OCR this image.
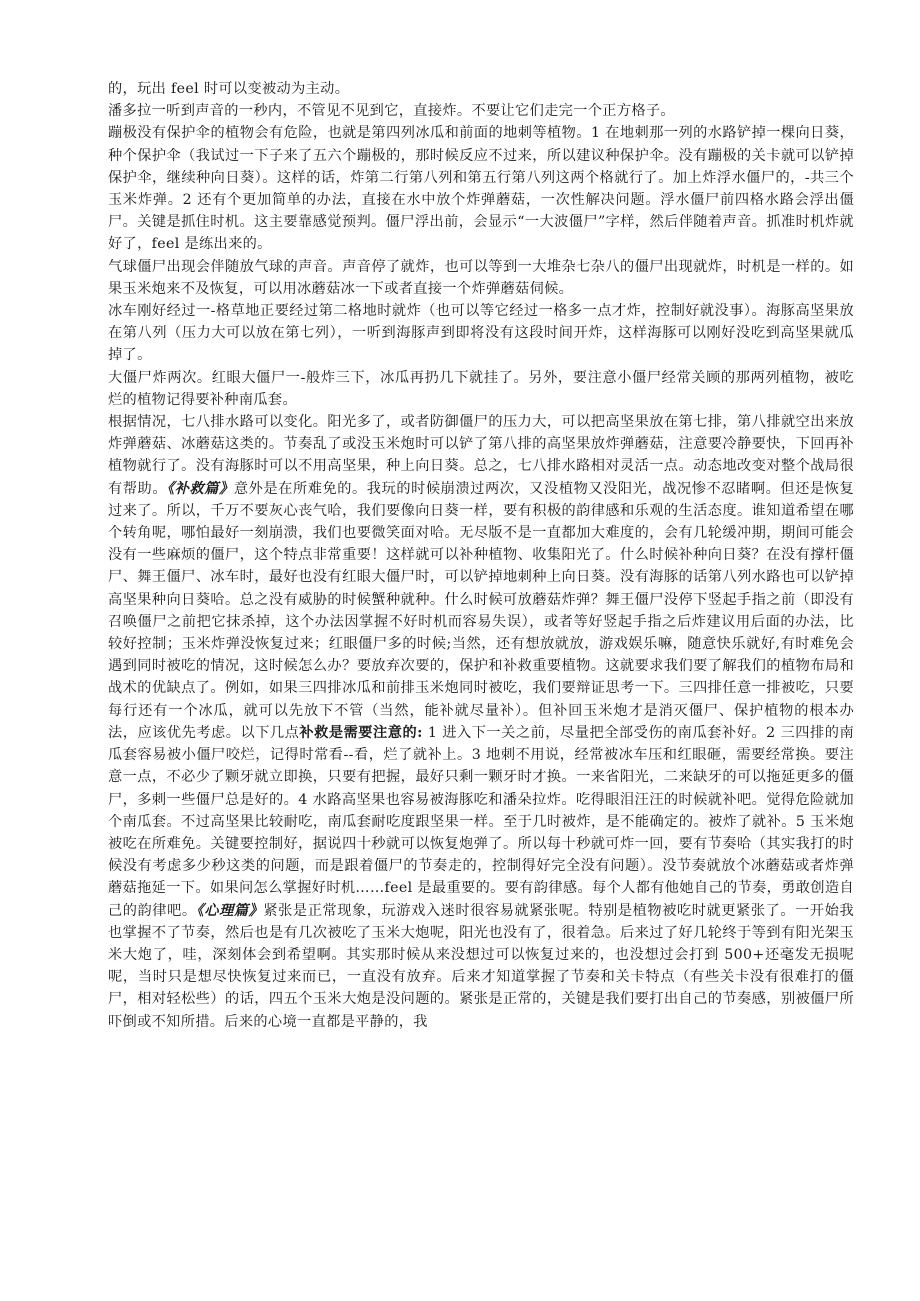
的，玩出 feel 时可以变被动为主动。

潘多拉一听到声音的一秒内，不管见不见到它，直接炸。不要让它们走完一个正方格子。

蹦极没有保护伞的植物会有危险，也就是第四列冰瓜和前面的地刺等植物。1 在地刺那一列的水路铲掉一棵向日葵，种个保护伞（我试过一下子来了五六个蹦极的，那时候反应不过来，所以建议种保护伞。没有蹦极的关卡就可以铲掉保护伞，继续种向日葵）。这样的话，炸第二行第八列和第五行第八列这两个格就行了。加上炸浮水僵尸的，-共三个玉米炸弹。2 还有个更加简单的办法，直接在水中放个炸弹蘑菇，一次性解决问题。浮水僵尸前四格水路会浮出僵尸。关键是抓住时机。这主要靠感觉预判。僵尸浮出前，会显示“一大波僵尸”字样，然后伴随着声音。抓准时机炸就好了，feel 是练出来的。

气球僵尸出现会伴随放气球的声音。声音停了就炸，也可以等到一大堆杂七杂八的僵尸出现就炸，时机是一样的。如果玉米炮来不及恢复，可以用冰蘑菇冰一下或者直接一个炸弹蘑菇伺候。

冰车刚好经过一-格草地正要经过第二格地时就炸（也可以等它经过一格多一点才炸，控制好就没事）。海豚高坚果放在第八列（压力大可以放在第七列），一听到海豚声到即将没有这段时间开炸，这样海豚可以刚好没吃到高坚果就瓜掉了。

大僵尸炸两次。红眼大僵尸一-般炸三下，冰瓜再扔几下就挂了。另外，要注意小僵尸经常关顾的那两列植物，被吃烂的植物记得要补种南瓜套。

根据情况，七八排水路可以变化。阳光多了，或者防御僵尸的压力大，可以把高坚果放在第七排，第八排就空出来放炸弹蘑菇、冰蘑菇这类的。节奏乱了或没玉米炮时可以铲了第八排的高坚果放炸弹蘑菇，注意要冷静要快，下回再补植物就行了。没有海豚时可以不用高坚果，种上向日葵。总之，七八排水路相对灵活一点。动态地改变对整个战局很有帮助。《补救篇》意外是在所难免的。我玩的时候崩溃过两次，又没植物又没阳光，战况惨不忍睹啊。但还是恢复过来了。所以，千万不要灰心丧气哈，我们要像向日葵一样，要有积极的韵律感和乐观的生活态度。谁知道希望在哪个转角呢，哪怕最好一刻崩溃，我们也要微笑面对哈。无尽版不是一直都加大难度的，会有几轮缓冲期，期间可能会没有一些麻烦的僵尸，这个特点非常重要！这样就可以补种植物、收集阳光了。什么时候补种向日葵？在没有撑杆僵尸、舞王僵尸、冰车时，最好也没有红眼大僵尸时，可以铲掉地刺种上向日葵。没有海豚的话第八列水路也可以铲掉高坚果种向日葵哈。总之没有威胁的时候蟹种就种。什么时候可放蘑菇炸弹？舞王僵尸没停下竖起手指之前（即没有召唤僵尸之前把它抹杀掉，这个办法因掌握不好时机而容易失误），或者等好竖起手指之后炸建议用后面的办法，比较好控制；玉米炸弹没恢复过来；红眼僵尸多的时候;当然，还有想放就放，游戏娱乐嘛，随意快乐就好,有时难免会遇到同时被吃的情况，这时候怎么办？要放弃次要的，保护和补救重要植物。这就要求我们要了解我们的植物布局和战术的优缺点了。例如，如果三四排冰瓜和前排玉米炮同时被吃，我们要辩证思考一下。三四排任意一排被吃，只要每行还有一个冰瓜，就可以先放下不管（当然，能补就尽量补）。但补回玉米炮才是消灭僵尸、保护植物的根本办法，应该优先考虑。以下几点补救是需要注意的: 1 进入下一关之前，尽量把全部受伤的南瓜套补好。2 三四排的南瓜套容易被小僵尸咬烂，记得时常看--看，烂了就补上。3 地刺不用说，经常被冰车压和红眼砸，需要经常换。要注意一点，不必少了颗牙就立即换，只要有把握，最好只剩一颗牙时才换。一来省阳光，二来缺牙的可以拖延更多的僵尸，多刺一些僵尸总是好的。4 水路高坚果也容易被海豚吃和潘朵拉炸。吃得眼泪汪汪的时候就补吧。觉得危险就加个南瓜套。不过高坚果比较耐吃，南瓜套耐吃度跟坚果一样。至于几时被炸，是不能确定的。被炸了就补。5 玉米炮被吃在所难免。关键要控制好，据说四十秒就可以恢复炮弹了。所以每十秒就可炸一回，要有节奏哈（其实我打的时候没有考虑多少秒这类的问题，而是跟着僵尸的节奏走的，控制得好完全没有问题）。没节奏就放个冰蘑菇或者炸弹蘑菇拖延一下。如果问怎么掌握好时机……feel 是最重要的。要有韵律感。每个人都有他她自己的节奏，勇敢创造自己的韵律吧。《心理篇》紧张是正常现象，玩游戏入迷时很容易就紧张呢。特别是植物被吃时就更紧张了。一开始我也掌握不了节奏，然后也是有几次被吃了玉米大炮呢，阳光也没有了，很着急。后来过了好几轮终于等到有阳光架玉米大炮了，哇，深刻体会到希望啊。其实那时候从来没想过可以恢复过来的，也没想过会打到 500+还毫发无损呢呢，当时只是想尽快恢复过来而已，一直没有放弃。后来才知道掌握了节奏和关卡特点（有些关卡没有很难打的僵尸，相对轻松些）的话，四五个玉米大炮是没问题的。紧张是正常的，关键是我们要打出自己的节奏感，别被僵尸所吓倒或不知所措。后来的心境一直都是平静的，我
